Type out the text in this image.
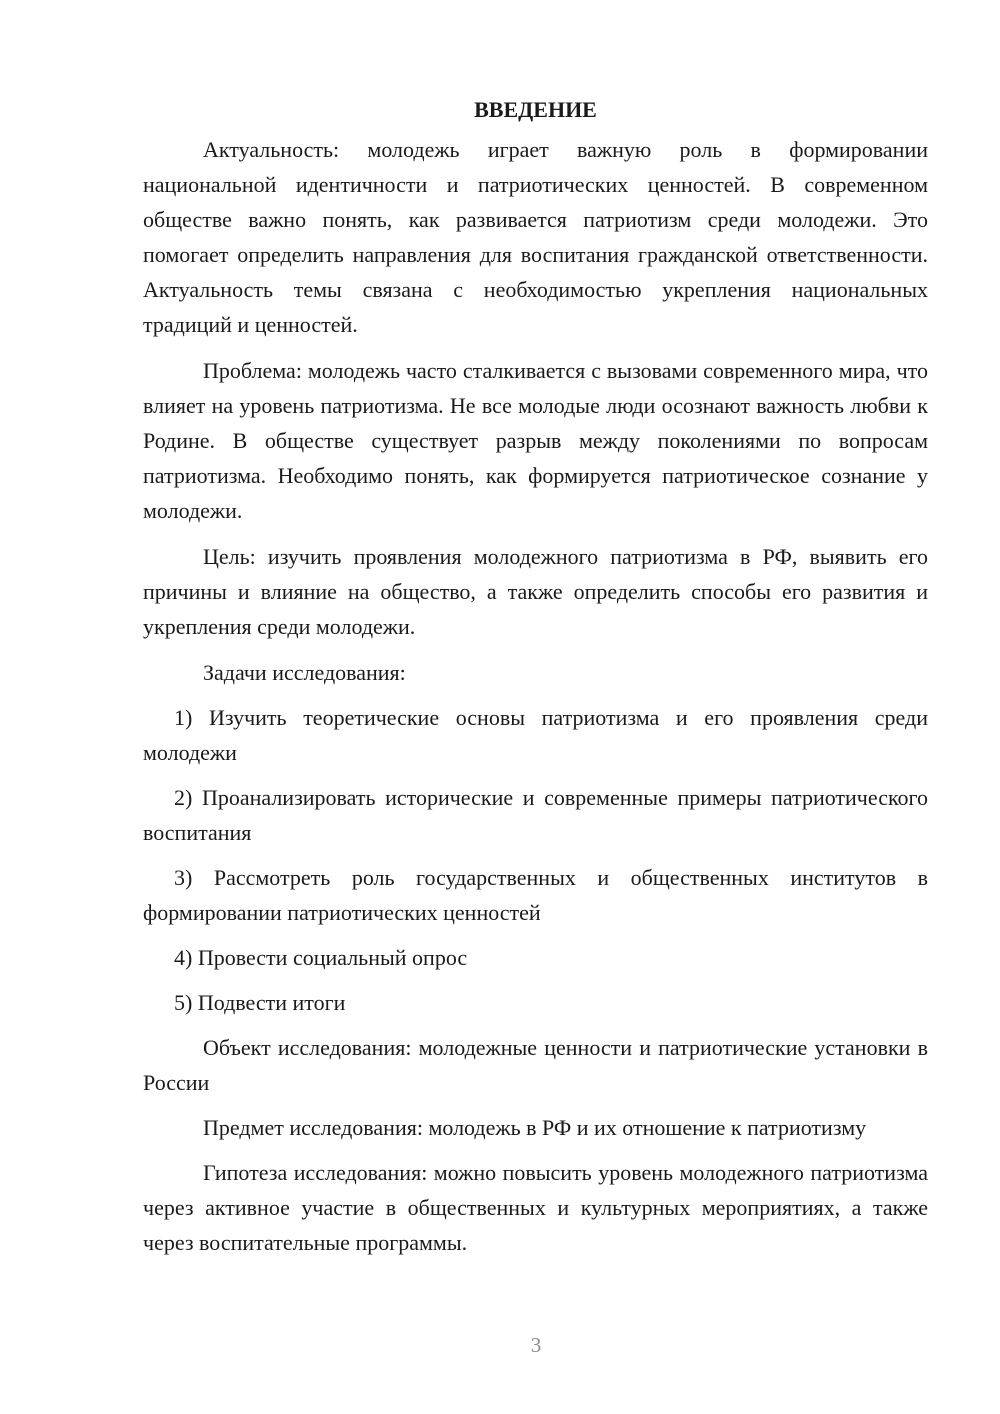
ВВЕДЕНИЕ

Актуальность: молодежь играет важную роль в формировании национальной идентичности и патриотических ценностей. В современном обществе важно понять, как развивается патриотизм среди молодежи. Это помогает определить направления для воспитания гражданской ответственности. Актуальность темы связана с необходимостью укрепления национальных традиций и ценностей.

Проблема: молодежь часто сталкивается с вызовами современного мира, что влияет на уровень патриотизма. Не все молодые люди осознают важность любви к Родине. В обществе существует разрыв между поколениями по вопросам патриотизма. Необходимо понять, как формируется патриотическое сознание у молодежи.

Цель: изучить проявления молодежного патриотизма в РФ, выявить его причины и влияние на общество, а также определить способы его развития и укрепления среди молодежи.

Задачи исследования:

1) Изучить теоретические основы патриотизма и его проявления среди молодежи

2) Проанализировать исторические и современные примеры патриотического воспитания

3) Рассмотреть роль государственных и общественных институтов в формировании патриотических ценностей

4) Провести социальный опрос

5) Подвести итоги

Объект исследования: молодежные ценности и патриотические установки в России

Предмет исследования: молодежь в РФ и их отношение к патриотизму

Гипотеза исследования: можно повысить уровень молодежного патриотизма через активное участие в общественных и культурных мероприятиях, а также через воспитательные программы.

3
